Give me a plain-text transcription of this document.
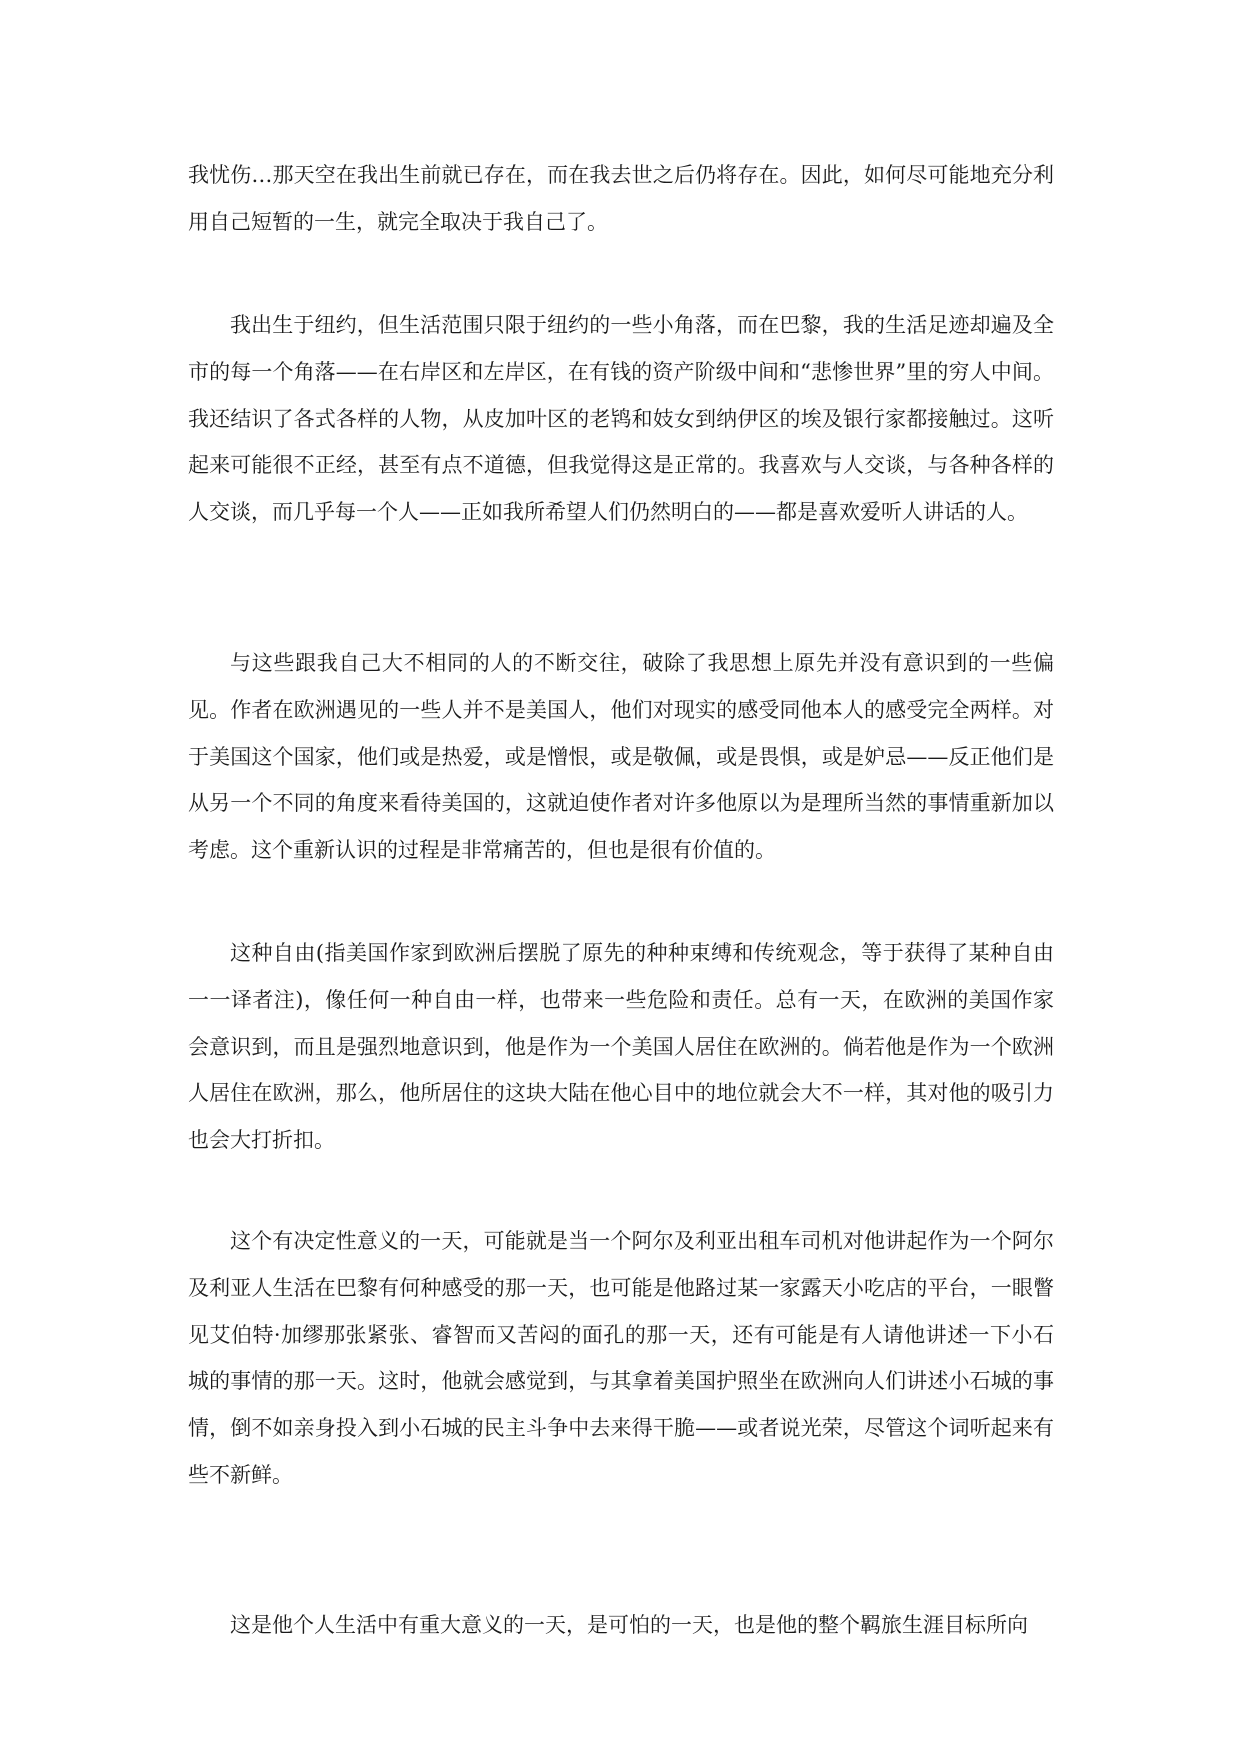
我忧伤…那天空在我出生前就已存在，而在我去世之后仍将存在。因此，如何尽可能地充分利用自己短暂的一生，就完全取决于我自己了。

我出生于纽约，但生活范围只限于纽约的一些小角落，而在巴黎，我的生活足迹却遍及全市的每一个角落——在右岸区和左岸区，在有钱的资产阶级中间和“悲惨世界”里的穷人中间。我还结识了各式各样的人物，从皮加叶区的老鸨和妓女到纳伊区的埃及银行家都接触过。这听起来可能很不正经，甚至有点不道德，但我觉得这是正常的。我喜欢与人交谈，与各种各样的人交谈，而几乎每一个人——正如我所希望人们仍然明白的——都是喜欢爱听人讲话的人。

与这些跟我自己大不相同的人的不断交往，破除了我思想上原先并没有意识到的一些偏见。作者在欧洲遇见的一些人并不是美国人，他们对现实的感受同他本人的感受完全两样。对于美国这个国家，他们或是热爱，或是憎恨，或是敬佩，或是畏惧，或是妒忌——反正他们是从另一个不同的角度来看待美国的，这就迫使作者对许多他原以为是理所当然的事情重新加以考虑。这个重新认识的过程是非常痛苦的，但也是很有价值的。

这种自由(指美国作家到欧洲后摆脱了原先的种种束缚和传统观念，等于获得了某种自由一一译者注)，像任何一种自由一样，也带来一些危险和责任。总有一天，在欧洲的美国作家会意识到，而且是强烈地意识到，他是作为一个美国人居住在欧洲的。倘若他是作为一个欧洲人居住在欧洲，那么，他所居住的这块大陆在他心目中的地位就会大不一样，其对他的吸引力也会大打折扣。

这个有决定性意义的一天，可能就是当一个阿尔及利亚出租车司机对他讲起作为一个阿尔及利亚人生活在巴黎有何种感受的那一天，也可能是他路过某一家露天小吃店的平台，一眼瞥见艾伯特·加缪那张紧张、睿智而又苦闷的面孔的那一天，还有可能是有人请他讲述一下小石城的事情的那一天。这时，他就会感觉到，与其拿着美国护照坐在欧洲向人们讲述小石城的事情，倒不如亲身投入到小石城的民主斗争中去来得干脆——或者说光荣，尽管这个词听起来有些不新鲜。

这是他个人生活中有重大意义的一天，是可怕的一天，也是他的整个羁旅生涯目标所向
